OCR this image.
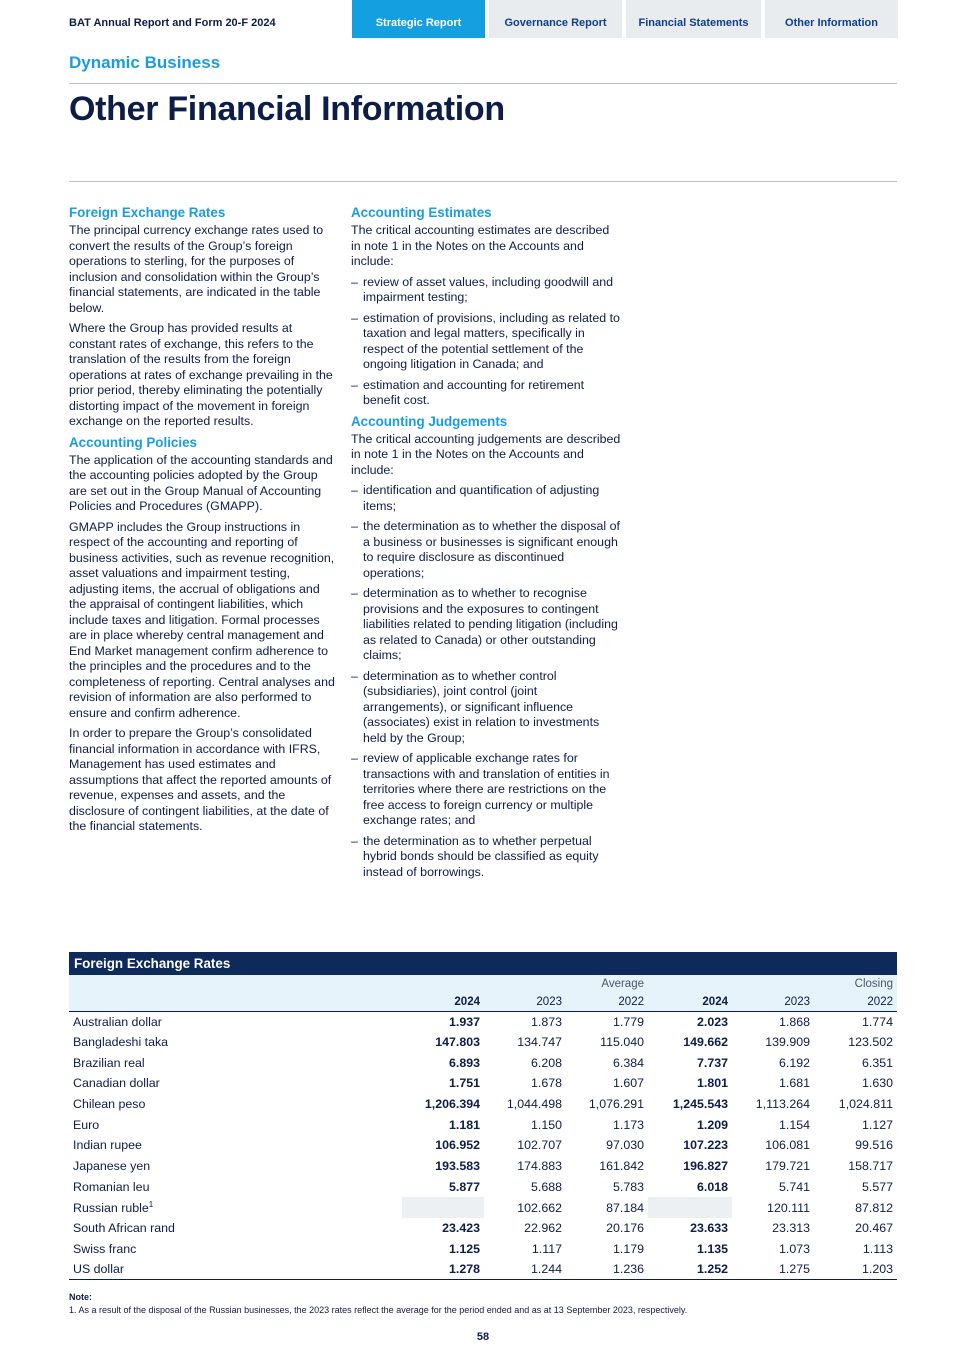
BAT Annual Report and Form 20-F 2024	Strategic Report	Governance Report	Financial Statements	Other Information
Dynamic Business
Other Financial Information
Foreign Exchange Rates

The principal currency exchange rates used to convert the results of the Group’s foreign operations to sterling, for the purposes of inclusion and consolidation within the Group’s financial statements, are indicated in the table below.

Where the Group has provided results at constant rates of exchange, this refers to the translation of the results from the foreign operations at rates of exchange prevailing in the prior period, thereby eliminating the potentially distorting impact of the movement in foreign exchange on the reported results.

Accounting Policies

The application of the accounting standards and the accounting policies adopted by the Group are set out in the Group Manual of Accounting Policies and Procedures (GMAPP).

GMAPP includes the Group instructions in respect of the accounting and reporting of business activities, such as revenue recognition, asset valuations and impairment testing, adjusting items, the accrual of obligations and the appraisal of contingent liabilities, which include taxes and litigation. Formal processes are in place whereby central management and End Market management confirm adherence to the principles and the procedures and to the completeness of reporting. Central analyses and revision of information are also performed to ensure and confirm adherence.

In order to prepare the Group’s consolidated financial information in accordance with IFRS, Management has used estimates and assumptions that affect the reported amounts of revenue, expenses and assets, and the disclosure of contingent liabilities, at the date of the financial statements.

Accounting Estimates

The critical accounting estimates are described in note 1 in the Notes on the Accounts and include:

– review of asset values, including goodwill and impairment testing;
– estimation of provisions, including as related to taxation and legal matters, specifically in respect of the potential settlement of the ongoing litigation in Canada; and
– estimation and accounting for retirement benefit cost.
Accounting Judgements

The critical accounting judgements are described in note 1 in the Notes on the Accounts and include:

– identification and quantification of adjusting items;
– the determination as to whether the disposal of a business or businesses is significant enough to require disclosure as discontinued operations;
– determination as to whether to recognise provisions and the exposures to contingent liabilities related to pending litigation (including as related to Canada) or other outstanding claims;
– determination as to whether control (subsidiaries), joint control (joint arrangements), or significant influence (associates) exist in relation to investments held by the Group;
– review of applicable exchange rates for transactions with and translation of entities in territories where there are restrictions on the free access to foreign currency or multiple exchange rates; and
– the determination as to whether perpetual hybrid bonds should be classified as equity instead of borrowings.
Foreign Exchange Rates
	Average			Closing		
	2024	2023	2022	2024	2023	2022
Australian dollar	1.937	1.873	1.779	2.023	1.868	1.774
Bangladeshi taka	147.803	134.747	115.040	149.662	139.909	123.502
Brazilian real	6.893	6.208	6.384	7.737	6.192	6.351
Canadian dollar	1.751	1.678	1.607	1.801	1.681	1.630
Chilean peso	1,206.394	1,044.498	1,076.291	1,245.543	1,113.264	1,024.811
Euro	1.181	1.150	1.173	1.209	1.154	1.127
Indian rupee	106.952	102.707	97.030	107.223	106.081	99.516
Japanese yen	193.583	174.883	161.842	196.827	179.721	158.717
Romanian leu	5.877	5.688	5.783	6.018	5.741	5.577
Russian ruble$^1$		102.662	87.184		120.111	87.812
South African rand	23.423	22.962	20.176	23.633	23.313	20.467
Swiss franc	1.125	1.117	1.179	1.135	1.073	1.113
US dollar	1.278	1.244	1.236	1.252	1.275	1.203
Note:
1. As a result of the disposal of the Russian businesses, the 2023 rates reflect the average for the period ended and as at 13 September 2023, respectively.
58
